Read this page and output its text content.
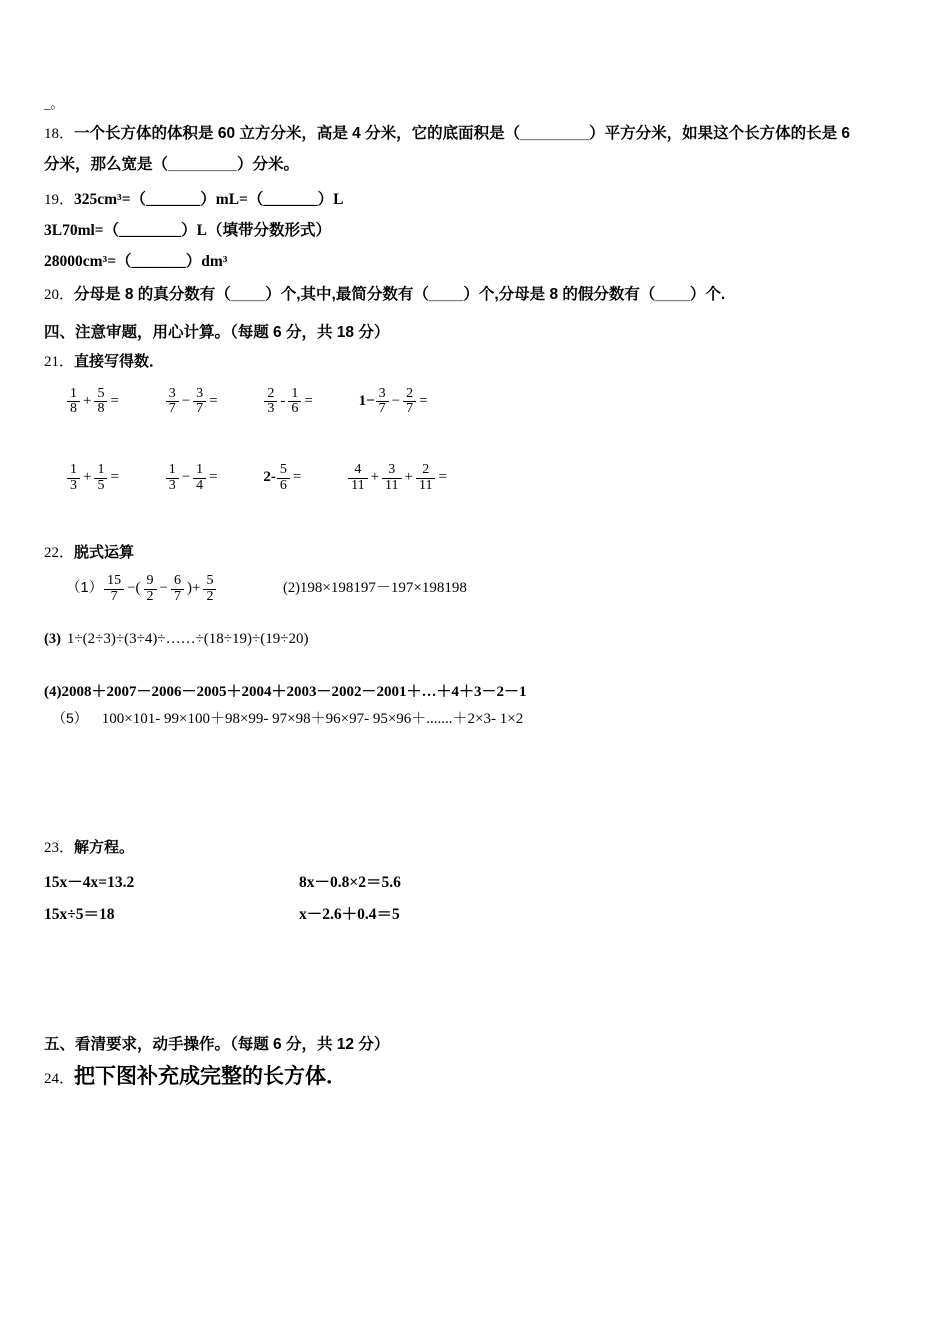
_。

18．一个长方体的体积是 60 立方分米，高是 4 分米，它的底面积是（________）平方分米，如果这个长方体的长是 6

分米，那么宽是（________）分米。

19．325cm³=（_______）mL=（_______）L

3L70ml=（________）L（填带分数形式）

28000cm³=（_______）dm³

20．分母是 8 的真分数有（____）个,其中,最简分数有（____）个,分母是 8 的假分数有（____）个.

四、注意审题，用心计算。（每题 6 分，共 18 分）

21．直接写得数．

$\frac{1}{8} + \frac{5}{8}$ =	$\frac{3}{7} - \frac{3}{7}$ =	$\frac{2}{3} - \frac{1}{6}$ =	$1- \frac{3}{7} - \frac{2}{7}$ =
$\frac{1}{3} + \frac{1}{5}$ =	$\frac{1}{3} - \frac{1}{4}$ =	$2- \frac{5}{6}$ =	$\frac{4}{11} + \frac{3}{11} + \frac{2}{11}$ =

22．脱式运算

$(1) \frac{15}{7}$ −( $\frac{9}{2} - \frac{6}{7}$ )+ $\frac{5}{2}$	(2)198×198197－197×198198
(3) 1÷(2÷3)÷(3÷4)÷……÷(18÷19)÷(19÷20)
(4)2008＋2007－2006－2005＋2004＋2003－2002－2001＋…＋4＋3－2－1
（5） 100×101- 99×100＋98×99- 97×98＋96×97- 95×96＋.......＋2×3- 1×2

23．解方程。

15x－4x=13.2	8x－0.8×2＝5.6
15x÷5＝18	x－2.6＋0.4＝5
五、看清要求，动手操作。（每题 6 分，共 12 分）
24．把下图补充成完整的长方体．
